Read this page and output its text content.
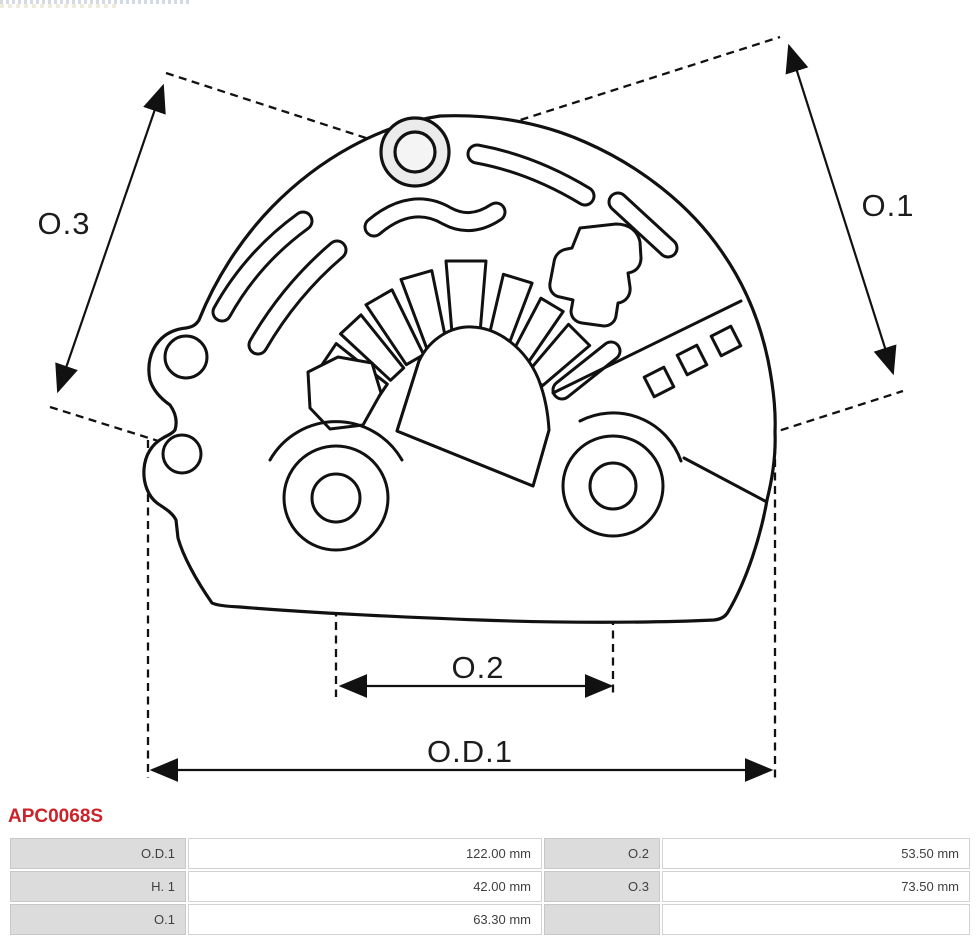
O.3
O.1
O.2
O.D.1
APC0068S
O.D.1	122.00 mm	O.2	53.50 mm
H. 1	42.00 mm	O.3	73.50 mm
O.1	63.30 mm		
